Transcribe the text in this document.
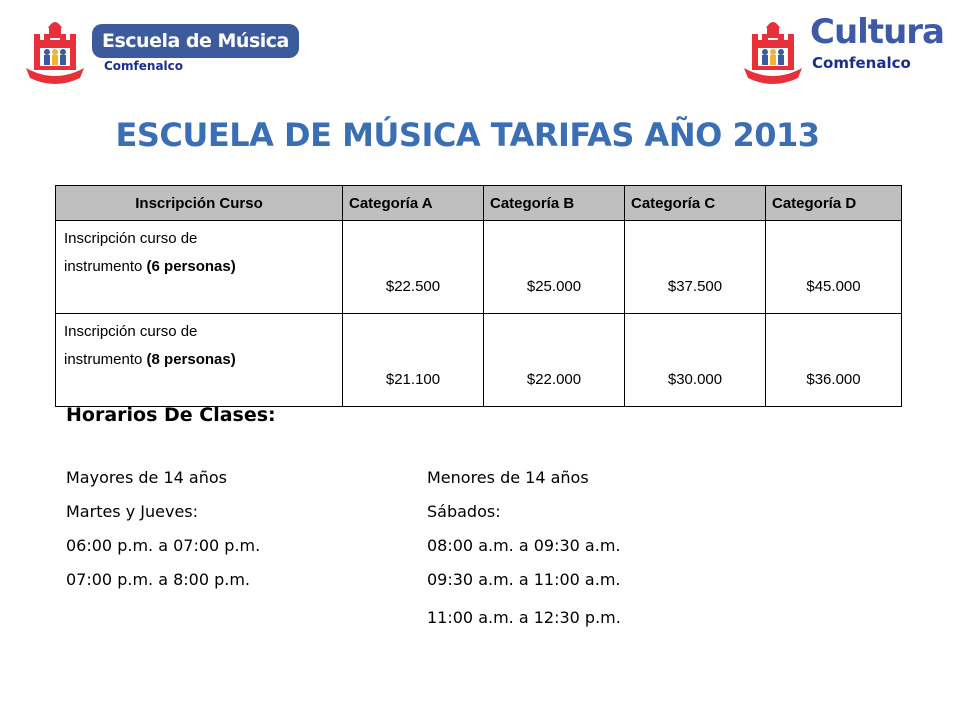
Escuela de Música
Comfenalco
Cultura
Comfenalco
ESCUELA DE MÚSICA TARIFAS AÑO 2013
Inscripción Curso	Categoría A	Categoría B	Categoría C	Categoría D
Inscripción curso de
instrumento (6 personas)	$22.500	$25.000	$37.500	$45.000
Inscripción curso de
instrumento (8 personas)	$21.100	$22.000	$30.000	$36.000
Horarios De Clases:
Mayores de 14 años
Martes y Jueves:
06:00 p.m. a 07:00 p.m.
07:00 p.m. a 8:00 p.m.
Menores de 14 años
Sábados:
08:00 a.m. a 09:30 a.m.
09:30 a.m. a 11:00 a.m.
11:00 a.m. a 12:30 p.m.
